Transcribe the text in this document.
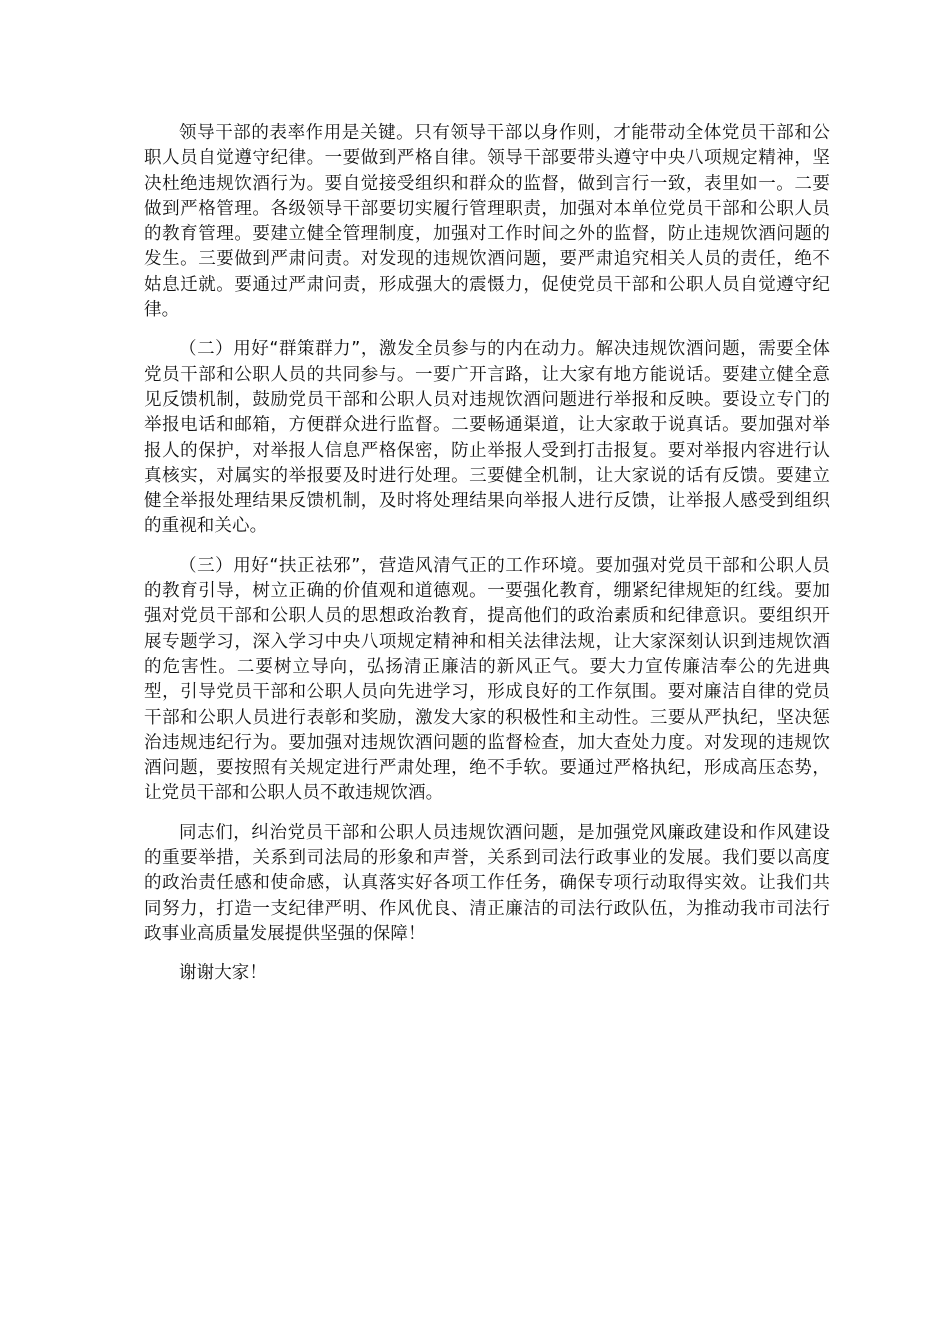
领导干部的表率作用是关键。只有领导干部以身作则，才能带动全体党员干部和公职人员自觉遵守纪律。一要做到严格自律。领导干部要带头遵守中央八项规定精神，坚决杜绝违规饮酒行为。要自觉接受组织和群众的监督，做到言行一致，表里如一。二要做到严格管理。各级领导干部要切实履行管理职责，加强对本单位党员干部和公职人员的教育管理。要建立健全管理制度，加强对工作时间之外的监督，防止违规饮酒问题的发生。三要做到严肃问责。对发现的违规饮酒问题，要严肃追究相关人员的责任，绝不姑息迁就。要通过严肃问责，形成强大的震慑力，促使党员干部和公职人员自觉遵守纪律。

（二）用好“群策群力”，激发全员参与的内在动力。解决违规饮酒问题，需要全体党员干部和公职人员的共同参与。一要广开言路，让大家有地方能说话。要建立健全意见反馈机制，鼓励党员干部和公职人员对违规饮酒问题进行举报和反映。要设立专门的举报电话和邮箱，方便群众进行监督。二要畅通渠道，让大家敢于说真话。要加强对举报人的保护，对举报人信息严格保密，防止举报人受到打击报复。要对举报内容进行认真核实，对属实的举报要及时进行处理。三要健全机制，让大家说的话有反馈。要建立健全举报处理结果反馈机制，及时将处理结果向举报人进行反馈，让举报人感受到组织的重视和关心。

（三）用好“扶正祛邪”，营造风清气正的工作环境。要加强对党员干部和公职人员的教育引导，树立正确的价值观和道德观。一要强化教育，绷紧纪律规矩的红线。要加强对党员干部和公职人员的思想政治教育，提高他们的政治素质和纪律意识。要组织开展专题学习，深入学习中央八项规定精神和相关法律法规，让大家深刻认识到违规饮酒的危害性。二要树立导向，弘扬清正廉洁的新风正气。要大力宣传廉洁奉公的先进典型，引导党员干部和公职人员向先进学习，形成良好的工作氛围。要对廉洁自律的党员干部和公职人员进行表彰和奖励，激发大家的积极性和主动性。三要从严执纪，坚决惩治违规违纪行为。要加强对违规饮酒问题的监督检查，加大查处力度。对发现的违规饮酒问题，要按照有关规定进行严肃处理，绝不手软。要通过严格执纪，形成高压态势，让党员干部和公职人员不敢违规饮酒。

同志们，纠治党员干部和公职人员违规饮酒问题，是加强党风廉政建设和作风建设的重要举措，关系到司法局的形象和声誉，关系到司法行政事业的发展。我们要以高度的政治责任感和使命感，认真落实好各项工作任务，确保专项行动取得实效。让我们共同努力，打造一支纪律严明、作风优良、清正廉洁的司法行政队伍，为推动我市司法行政事业高质量发展提供坚强的保障！

谢谢大家！
